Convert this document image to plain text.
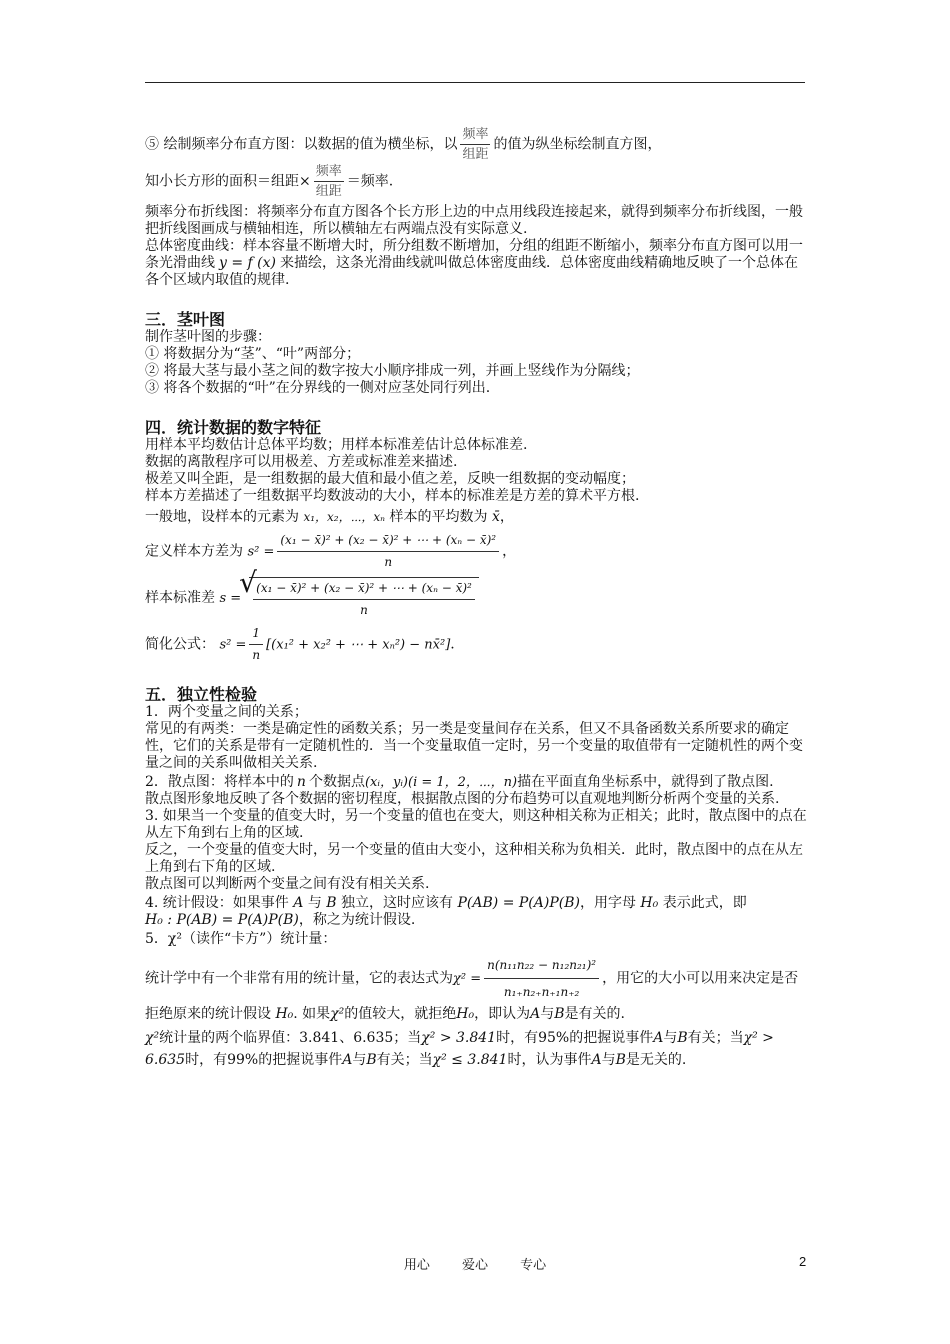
⑤ 绘制频率分布直方图：以数据的值为横坐标，以 $\frac{\text{频率}}{\text{组距}}$ 的值为纵坐标绘制直方图，

知小长方形的面积＝组距× $\frac{\text{频率}}{\text{组距}}$ ＝频率.

频率分布折线图：将频率分布直方图各个长方形上边的中点用线段连接起来，就得到频率分布折线图，一般把折线图画成与横轴相连，所以横轴左右两端点没有实际意义.

总体密度曲线：样本容量不断增大时，所分组数不断增加，分组的组距不断缩小，频率分布直方图可以用一条光滑曲线 y = f (x) 来描绘，这条光滑曲线就叫做总体密度曲线．总体密度曲线精确地反映了一个总体在各个区域内取值的规律.

三．茎叶图

制作茎叶图的步骤：

① 将数据分为“茎”、“叶”两部分；

② 将最大茎与最小茎之间的数字按大小顺序排成一列，并画上竖线作为分隔线；

③ 将各个数据的“叶”在分界线的一侧对应茎处同行列出.

四．统计数据的数字特征

用样本平均数估计总体平均数；用样本标准差估计总体标准差.

数据的离散程序可以用极差、方差或标准差来描述.

极差又叫全距，是一组数据的最大值和最小值之差，反映一组数据的变动幅度；

样本方差描述了一组数据平均数波动的大小，样本的标准差是方差的算术平方根.

一般地，设样本的元素为 x₁，x₂，⋯，xₙ 样本的平均数为 x̄，

定义样本方差为 $s^2 = \frac{\text{(x₁ − x̄)² + (x₂ − x̄)² + ⋯ + (xₙ − x̄)²}}{n}$ ，

样本标准差 s =
√ $\frac{\text{(x₁ − x̄)² + (x₂ − x̄)² + ⋯ + (xₙ − x̄)²}}{n}$

简化公式： $s^2 = \frac{1}{n} [(x_1^2 + x_2^2$ + ⋯ + xₙ²) − nx̄²].

五．独立性检验

1．两个变量之间的关系；

常见的有两类：一类是确定性的函数关系；另一类是变量间存在关系，但又不具备函数关系所要求的确定性，它们的关系是带有一定随机性的．当一个变量取值一定时，另一个变量的取值带有一定随机性的两个变量之间的关系叫做相关关系.

2．散点图：将样本中的 n 个数据点(xᵢ，yᵢ)(i = 1，2，⋯，n)描在平面直角坐标系中，就得到了散点图.

散点图形象地反映了各个数据的密切程度，根据散点图的分布趋势可以直观地判断分析两个变量的关系.

3. 如果当一个变量的值变大时，另一个变量的值也在变大，则这种相关称为正相关；此时，散点图中的点在从左下角到右上角的区域.

反之，一个变量的值变大时，另一个变量的值由大变小，这种相关称为负相关．此时，散点图中的点在从左上角到右下角的区域.

散点图可以判断两个变量之间有没有相关关系.

4. 统计假设：如果事件 A 与 B 独立，这时应该有 P(AB) = P(A)P(B)，用字母 H₀ 表示此式，即
H₀ : P(AB) = P(A)P(B)，称之为统计假设.

5．χ²（读作“卡方”）统计量：

统计学中有一个非常有用的统计量，它的表达式为$\chi^2 = \frac{\text{n(n₁₁n₂₂ − n₁₂n₂₁)²}}{\text{n₁₊n₂₊n₊₁n₊₂}}$ ，用它的大小可以用来决定是否拒绝原来的统计假设 H₀. 如果χ²的值较大，就拒绝H₀，即认为A与B是有关的.

χ²统计量的两个临界值：3.841、6.635；当χ² > 3.841时，有95%的把握说事件A与B有关；当χ² > 6.635时，有99%的把握说事件A与B有关；当χ² ≤ 3.841时，认为事件A与B是无关的.

用心 爱心 专心	2
